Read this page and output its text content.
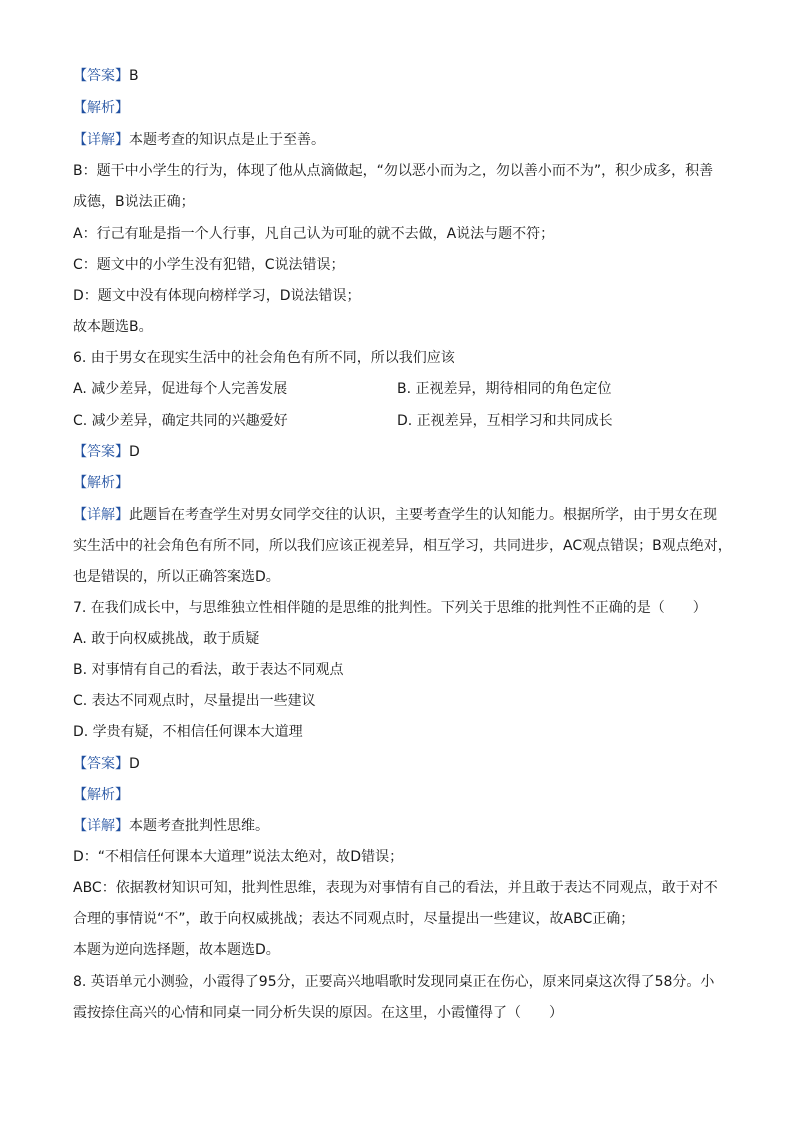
【答案】B
【解析】
【详解】本题考查的知识点是止于至善。
B：题干中小学生的行为，体现了他从点滴做起，“勿以恶小而为之，勿以善小而不为”，积少成多，积善
成德，B说法正确；
A：行己有耻是指一个人行事，凡自己认为可耻的就不去做，A说法与题不符；
C：题文中的小学生没有犯错，C说法错误；
D：题文中没有体现向榜样学习，D说法错误；
故本题选B。
6. 由于男女在现实生活中的社会角色有所不同，所以我们应该
A. 减少差异，促进每个人完善发展	B. 正视差异，期待相同的角色定位
C. 减少差异，确定共同的兴趣爱好	D. 正视差异，互相学习和共同成长
【答案】D
【解析】
【详解】此题旨在考查学生对男女同学交往的认识，主要考查学生的认知能力。根据所学，由于男女在现
实生活中的社会角色有所不同，所以我们应该正视差异，相互学习，共同进步，AC观点错误；B观点绝对，
也是错误的，所以正确答案选D。
7. 在我们成长中，与思维独立性相伴随的是思维的批判性。下列关于思维的批判性不正确的是（　　）
A. 敢于向权威挑战，敢于质疑
B. 对事情有自己的看法，敢于表达不同观点
C. 表达不同观点时，尽量提出一些建议
D. 学贵有疑，不相信任何课本大道理
【答案】D
【解析】
【详解】本题考查批判性思维。
D：“不相信任何课本大道理”说法太绝对，故D错误；
ABC：依据教材知识可知，批判性思维，表现为对事情有自己的看法，并且敢于表达不同观点，敢于对不
合理的事情说“不”，敢于向权威挑战；表达不同观点时，尽量提出一些建议，故ABC正确；
本题为逆向选择题，故本题选D。
8. 英语单元小测验，小霞得了95分，正要高兴地唱歌时发现同桌正在伤心，原来同桌这次得了58分。小
霞按捺住高兴的心情和同桌一同分析失误的原因。在这里，小霞懂得了（　　）
